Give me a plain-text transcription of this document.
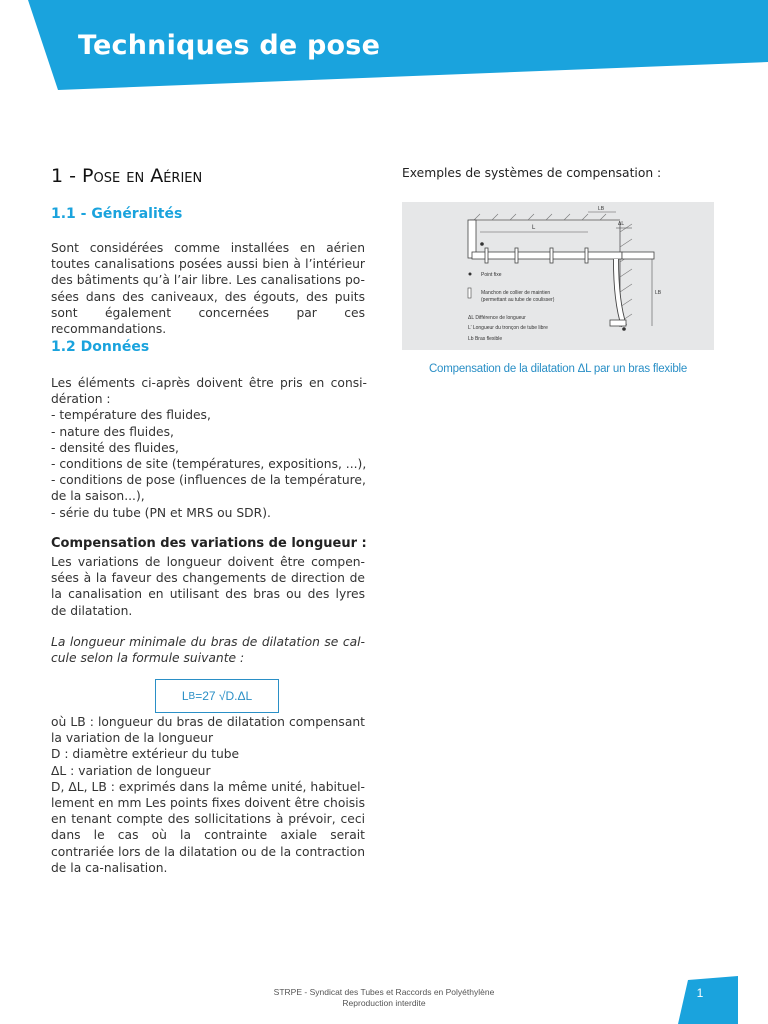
Techniques de pose
1 - Pose en Aérien
1.1 - Généralités
Sont considérées comme installées en aérien toutes canalisations posées aussi bien à l’intérieur des bâtiments qu’à l’air libre. Les canalisations po-sées dans des caniveaux, des égouts, des puits sont également concernées par ces recommandations.
1.2 Données
Les éléments ci-après doivent être pris en consi-dération :
- température des fluides,
- nature des fluides,
- densité des fluides,
- conditions de site (températures, expositions, ...),
- conditions de pose (influences de la température, de la saison...),
- série du tube (PN et MRS ou SDR).
Compensation des variations de longueur :
Les variations de longueur doivent être compen-sées à la faveur des changements de direction de la canalisation en utilisant des bras ou des lyres de dilatation.
La longueur minimale du bras de dilatation se cal-cule selon la formule suivante :
L B =27 √D.ΔL
où LB : longueur du bras de dilatation compensant la variation de la longueur
D : diamètre extérieur du tube
ΔL : variation de longueur
D, ΔL, LB : exprimés dans la même unité, habituel-lement en mm Les points fixes doivent être choisis en tenant compte des sollicitations à prévoir, ceci dans le cas où la contrainte axiale serait contrariée lors de la dilatation ou de la contraction de la ca-nalisation.
Exemples de systèmes de compensation :
L
LB
ΔL
LB
Point fixe
Manchon de collier de maintien
(permettant au tube de coulisser)
ΔL Différence de longueur
L’ Longueur du tronçon de tube libre
Lb Bras flexible
Compensation de la dilatation ΔL par un bras flexible
STRPE - Syndicat des Tubes et Raccords en Polyéthylène
Reproduction interdite
1
